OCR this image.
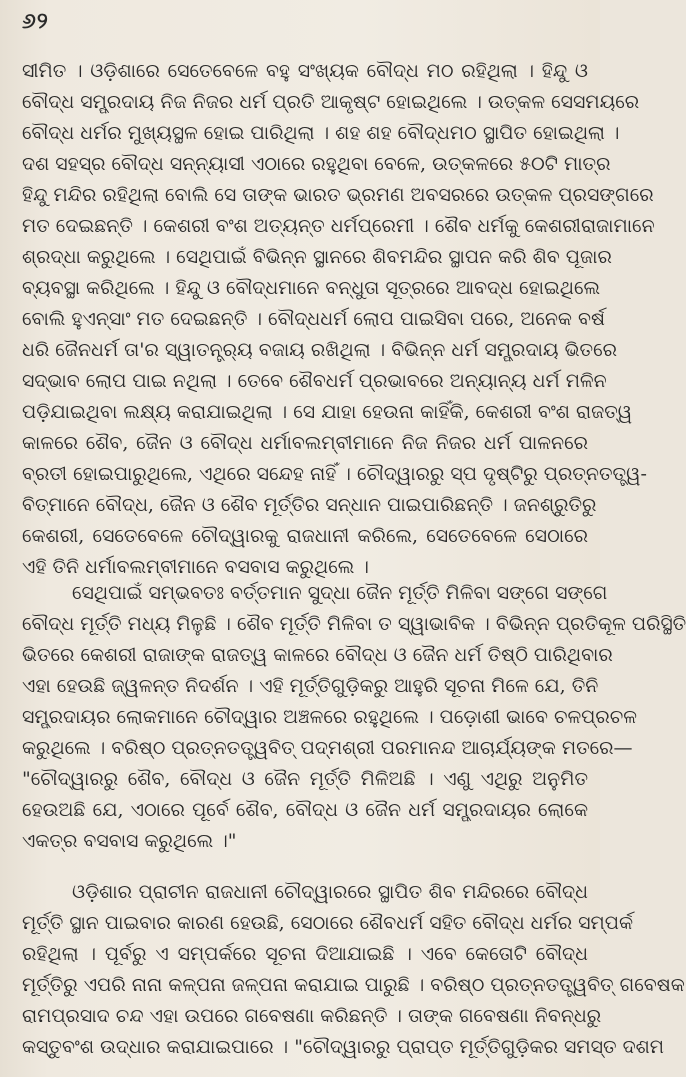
୬୨
ସୀମିତ । ଓଡ଼ିଶାରେ ସେତେବେଳେ ବହୁ ସଂଖ୍ୟକ ବୌଦ୍ଧ ମଠ ରହିଥିଲା । ହିନ୍ଦୁ ଓ
ବୌଦ୍ଧ ସମ୍ପ୍ରଦାୟ ନିଜ ନିଜର ଧର୍ମ ପ୍ରତି ଆକୃଷ୍ଟ ହୋଇଥିଲେ । ଉତ୍କଳ ସେସମୟରେ
ବୌଦ୍ଧ ଧର୍ମର ମୁଖ୍ୟସ୍ଥଳ ହୋଇ ପାରିଥିଲା । ଶହ ଶହ ବୌଦ୍ଧମଠ ସ୍ଥାପିତ ହୋଇଥିଲା ।
ଦଶ ସହସ୍ର ବୌଦ୍ଧ ସନ୍ନ୍ୟାସୀ ଏଠାରେ ରହୁଥିବା ବେଳେ, ଉତ୍କଳରେ ୫୦ଟି ମାତ୍ର
ହିନ୍ଦୁ ମନ୍ଦିର ରହିଥିଲା ବୋଲି ସେ ତାଙ୍କ ଭାରତ ଭ୍ରମଣ ଅବସରରେ ଉତ୍କଳ ପ୍ରସଙ୍ଗରେ
ମତ ଦେଇଛନ୍ତି । କେଶରୀ ବଂଶ ଅତ୍ୟନ୍ତ ଧର୍ମପ୍ରେମୀ । ଶୈବ ଧର୍ମକୁ କେଶରୀରାଜାମାନେ
ଶ୍ରଦ୍ଧା କରୁଥିଲେ । ସେଥିପାଇଁ ବିଭିନ୍ନ ସ୍ଥାନରେ ଶିବମନ୍ଦିର ସ୍ଥାପନ କରି ଶିବ ପୂଜାର
ବ୍ୟବସ୍ଥା କରିଥିଲେ । ହିନ୍ଦୁ ଓ ବୌଦ୍ଧମାନେ ବନ୍ଧୁତା ସୂତ୍ରରେ ଆବଦ୍ଧ ହୋଇଥିଲେ
ବୋଲି ହୁଏନ୍‌ସାଂ ମତ ଦେଇଛନ୍ତି । ବୌଦ୍ଧଧର୍ମ ଲୋପ ପାଇସିବା ପରେ, ଅନେକ ବର୍ଷ
ଧରି ଜୈନଧର୍ମ ତା'ର ସ୍ୱାତନ୍ତ୍ର୍ୟ ବଜାୟ ରଖିଥିଲା । ବିଭିନ୍ନ ଧର୍ମ ସମ୍ପ୍ରଦାୟ ଭିତରେ
ସଦ୍‌ଭାବ ଲୋପ ପାଇ ନଥିଲା । ତେବେ ଶୈବଧର୍ମ ପ୍ରଭାବରେ ଅନ୍ୟାନ୍ୟ ଧର୍ମ ମଳିନ
ପଡ଼ିଯାଇଥିବା ଲକ୍ଷ୍ୟ କରାଯାଇଥିଲା । ସେ ଯାହା ହେଉନା କାହିଁକି, କେଶରୀ ବଂଶ ରାଜତ୍ୱ
କାଳରେ ଶୈବ, ଜୈନ ଓ ବୌଦ୍ଧ ଧର୍ମାବଲମ୍ବୀମାନେ ନିଜ ନିଜର ଧର୍ମ ପାଳନରେ
ବ୍ରତୀ ହୋଇପାରୁଥିଲେ, ଏଥିରେ ସନ୍ଦେହ ନାହିଁ । ଚୌଦ୍ୱାରରୁ ସ୍ପ ଦୃଷ୍ଟିରୁ ପ୍ରତ୍ନତତ୍ତ୍ୱ-
ବିତ୍‌ମାନେ ବୌଦ୍ଧ, ଜୈନ ଓ ଶୈବ ମୂର୍ତ୍ତିର ସନ୍ଧାନ ପାଇପାରିଛନ୍ତି । ଜନଶ୍ରୁତିରୁ
କେଶରୀ, ସେତେବେଳେ ଚୌଦ୍ୱାରକୁ ରାଜଧାନୀ କରିଲେ, ସେତେବେଳେ ସେଠାରେ
ଏହି ତିନି ଧର୍ମାବଲମ୍ବୀମାନେ ବସବାସ କରୁଥିଲେ ।
ସେଥିପାଇଁ ସମ୍ଭବତଃ ବର୍ତ୍ତମାନ ସୁଦ୍ଧା ଜୈନ ମୂର୍ତ୍ତି ମିଳିବା ସଙ୍ଗେ ସଙ୍ଗେ
ବୌଦ୍ଧ ମୂର୍ତ୍ତି ମଧ୍ୟ ମିଳୁଛି । ଶୈବ ମୂର୍ତ୍ତି ମିଳିବା ତ ସ୍ୱାଭାବିକ । ବିଭିନ୍ନ ପ୍ରତିକୂଳ ପରିସ୍ଥିତି
ଭିତରେ କେଶରୀ ରାଜାଙ୍କ ରାଜତ୍ୱ କାଳରେ ବୌଦ୍ଧ ଓ ଜୈନ ଧର୍ମ ତିଷ୍ଠି ପାରିଥିବାର
ଏହା ହେଉଛି ଜ୍ୱଳନ୍ତ ନିଦର୍ଶନ । ଏହି ମୂର୍ତ୍ତିଗୁଡ଼ିକରୁ ଆହୁରି ସୂଚନା ମିଳେ ଯେ, ତିନି
ସମ୍ପ୍ରଦାୟର ଲୋକମାନେ ଚୌଦ୍ୱାର ଅଞ୍ଚଳରେ ରହୁଥିଲେ । ପଡ଼ୋଶୀ ଭାବେ ଚଳପ୍ରଚଳ
କରୁଥିଲେ । ବରିଷ୍ଠ ପ୍ରତ୍ନତତ୍ତ୍ୱବିତ୍ ପଦ୍ମଶ୍ରୀ ପରମାନନ୍ଦ ଆଚାର୍ଯ୍ୟଙ୍କ ମତରେ—
"ଚୌଦ୍ୱାରରୁ ଶୈବ, ବୌଦ୍ଧ ଓ ଜୈନ ମୂର୍ତ୍ତି ମିଳିଅଛି । ଏଣୁ ଏଥିରୁ ଅନୁମିତ
ହେଉଅଛି ଯେ, ଏଠାରେ ପୂର୍ବେ ଶୈବ, ବୌଦ୍ଧ ଓ ଜୈନ ଧର୍ମ ସମ୍ପ୍ରଦାୟର ଲୋକେ
ଏକତ୍ର ବସବାସ କରୁଥିଲେ ।"
ଓଡ଼ିଶାର ପ୍ରାଚୀନ ରାଜଧାନୀ ଚୌଦ୍ୱାରରେ ସ୍ଥାପିତ ଶିବ ମନ୍ଦିରରେ ବୌଦ୍ଧ
ମୂର୍ତ୍ତି ସ୍ଥାନ ପାଇବାର କାରଣ ହେଉଛି, ସେଠାରେ ଶୈବଧର୍ମ ସହିତ ବୌଦ୍ଧ ଧର୍ମର ସମ୍ପର୍କ
ରହିଥିଲା । ପୂର୍ବରୁ ଏ ସମ୍ପର୍କରେ ସୂଚନା ଦିଆଯାଇଛି । ଏବେ କେତୋଟି ବୌଦ୍ଧ
ମୂର୍ତ୍ତିରୁ ଏପରି ନାନା କଳ୍ପନା ଜଳ୍ପନା କରାଯାଇ ପାରୁଛି । ବରିଷ୍ଠ ପ୍ରତ୍ନତତ୍ତ୍ୱବିତ୍ ଗବେଷକ
ରାମପ୍ରସାଦ ଚନ୍ଦ ଏହା ଉପରେ ଗବେଷଣା କରିଛନ୍ତି । ତାଙ୍କ ଗବେଷଣା ନିବନ୍ଧରୁ
କସ୍ତୁବଂଶ ଉଦ୍ଧାର କରାଯାଇପାରେ । "ଚୌଦ୍ୱାରରୁ ପ୍ରାପ୍ତ ମୂର୍ତ୍ତିଗୁଡ଼ିକର ସମସ୍ତ ଦଶମ
